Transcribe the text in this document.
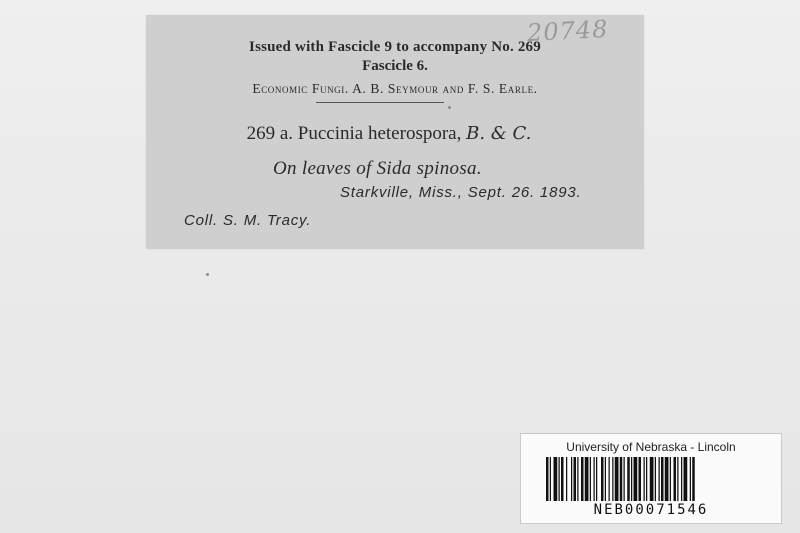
20748
Issued with Fascicle 9 to accompany No. 269
Fascicle 6.
Economic Fungi. A. B. Seymour and F. S. Earle.
269 a. Puccinia heterospora, B. & C.
On leaves of Sida spinosa.
Starkville, Miss., Sept. 26. 1893.
Coll. S. M. Tracy.
University of Nebraska - Lincoln
NEB00071546
